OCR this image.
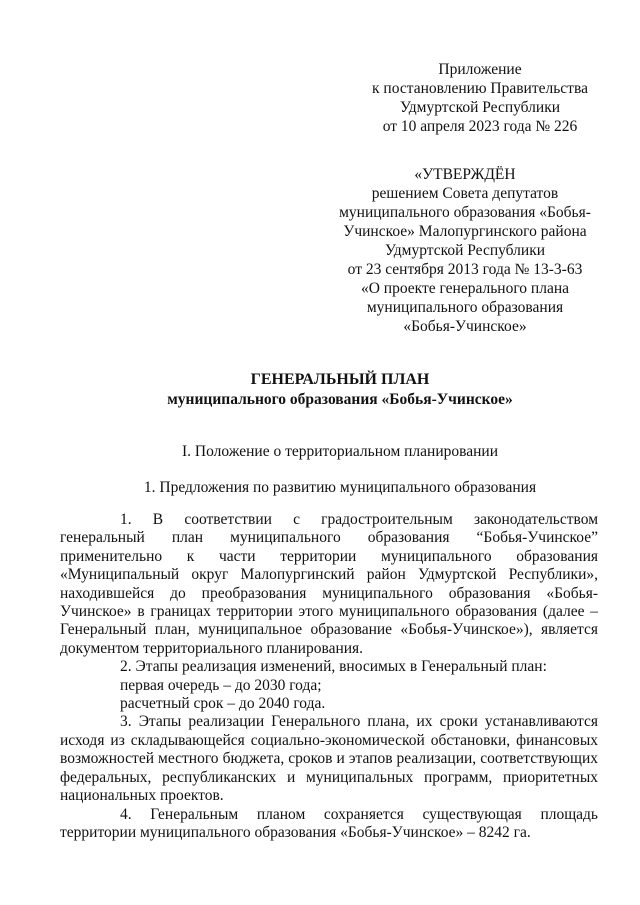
Приложение
к постановлению Правительства
Удмуртской Республики
от 10 апреля 2023 года № 226
«УТВЕРЖДЁН
решением Совета депутатов
муниципального образования «Бобья-
Учинское» Малопургинского района
Удмуртской Республики
от 23 сентября 2013 года № 13-3-63
«О проекте генерального плана
муниципального образования
«Бобья-Учинское»
ГЕНЕРАЛЬНЫЙ ПЛАН
муниципального образования «Бобья-Учинское»
I. Положение о территориальном планировании
1. Предложения по развитию муниципального образования

1. В соответствии с градостроительным законодательством генеральный план муниципального образования “Бобья-Учинское” применительно к части территории муниципального образования «Муниципальный округ Малопургинский район Удмуртской Республики», находившейся до преобразования муниципального образования «Бобья-Учинское» в границах территории этого муниципального образования (далее – Генеральный план, муниципальное образование «Бобья-Учинское»), является документом территориального планирования.

2. Этапы реализация изменений, вносимых в Генеральный план:

первая очередь – до 2030 года;

расчетный срок – до 2040 года.

3. Этапы реализации Генерального плана, их сроки устанавливаются исходя из складывающейся социально-экономической обстановки, финансовых возможностей местного бюджета, сроков и этапов реализации, соответствующих федеральных, республиканских и муниципальных программ, приоритетных национальных проектов.

4. Генеральным планом сохраняется существующая площадь территории муниципального образования «Бобья-Учинское» – 8242 га.
